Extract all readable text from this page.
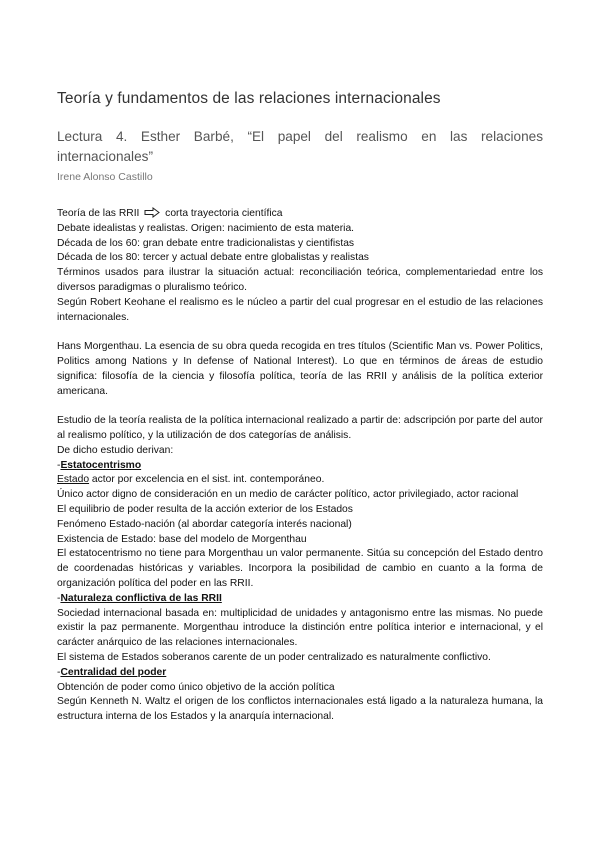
Teoría y fundamentos de las relaciones internacionales
Lectura 4. Esther Barbé, “El papel del realismo en las relaciones internacionales”
Irene Alonso Castillo

Teoría de las RRII	corta trayectoria científica

Debate idealistas y realistas. Origen: nacimiento de esta materia.

Década de los 60: gran debate entre tradicionalistas y cientifistas

Década de los 80: tercer y actual debate entre globalistas y realistas

Términos usados para ilustrar la situación actual: reconciliación teórica, complementariedad entre los diversos paradigmas o pluralismo teórico.

Según Robert Keohane el realismo es le núcleo a partir del cual progresar en el estudio de las relaciones internacionales.

Hans Morgenthau. La esencia de su obra queda recogida en tres títulos (Scientific Man vs. Power Politics, Politics among Nations y In defense of National Interest). Lo que en términos de áreas de estudio significa: filosofía de la ciencia y filosofía política, teoría de las RRII y análisis de la política exterior americana.

Estudio de la teoría realista de la política internacional realizado a partir de: adscripción por parte del autor al realismo político, y la utilización de dos categorías de análisis.

De dicho estudio derivan:

-Estatocentrismo

Estado actor por excelencia en el sist. int. contemporáneo.

Único actor digno de consideración en un medio de carácter político, actor privilegiado, actor racional

El equilibrio de poder resulta de la acción exterior de los Estados

Fenómeno Estado-nación (al abordar categoría interés nacional)

Existencia de Estado: base del modelo de Morgenthau

El estatocentrismo no tiene para Morgenthau un valor permanente. Sitúa su concepción del Estado dentro de coordenadas históricas y variables. Incorpora la posibilidad de cambio en cuanto a la forma de organización política del poder en las RRII.

-Naturaleza conflictiva de las RRII

Sociedad internacional basada en: multiplicidad de unidades y antagonismo entre las mismas. No puede existir la paz permanente. Morgenthau introduce la distinción entre política interior e internacional, y el carácter anárquico de las relaciones internacionales.

El sistema de Estados soberanos carente de un poder centralizado es naturalmente conflictivo.

-Centralidad del poder

Obtención de poder como único objetivo de la acción política

Según Kenneth N. Waltz el origen de los conflictos internacionales está ligado a la naturaleza humana, la estructura interna de los Estados y la anarquía internacional.
